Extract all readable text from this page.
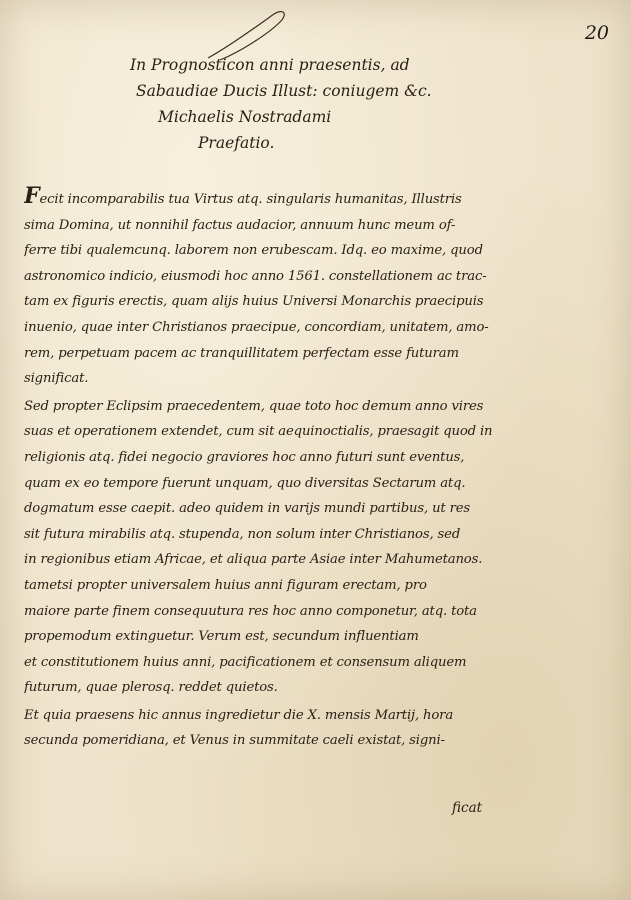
20
In Prognosticon anni praesentis, ad
Sabaudiae Ducis Illust: coniugem &c.
Michaelis Nostradami
Praefatio.
Fecit incomparabilis tua Virtus atq. singularis humanitas, Illustris
sima Domina, ut nonnihil factus audacior, annuum hunc meum of-
ferre tibi qualemcunq. laborem non erubescam. Idq. eo maxime, quod
astronomico indicio, eiusmodi hoc anno 1561. constellationem ac trac-
tam ex figuris erectis, quam alijs huius Universi Monarchis praecipuis
inuenio, quae inter Christianos praecipue, concordiam, unitatem, amo-
rem, perpetuam pacem ac tranquillitatem perfectam esse futuram
significat.
Sed propter Eclipsim praecedentem, quae toto hoc demum anno vires
suas et operationem extendet, cum sit aequinoctialis, praesagit quod in
religionis atq. fidei negocio graviores hoc anno futuri sunt eventus,
quam ex eo tempore fuerunt unquam, quo diversitas Sectarum atq.
dogmatum esse caepit. adeo quidem in varijs mundi partibus, ut res
sit futura mirabilis atq. stupenda, non solum inter Christianos, sed
in regionibus etiam Africae, et aliqua parte Asiae inter Mahumetanos.
tametsi propter universalem huius anni figuram erectam, pro
maiore parte finem consequutura res hoc anno componetur, atq. tota
propemodum extinguetur. Verum est, secundum influentiam
et constitutionem huius anni, pacificationem et consensum aliquem
futurum, quae plerosq. reddet quietos.
Et quia praesens hic annus ingredietur die X. mensis Martij, hora
secunda pomeridiana, et Venus in summitate caeli existat, signi-
ficat
